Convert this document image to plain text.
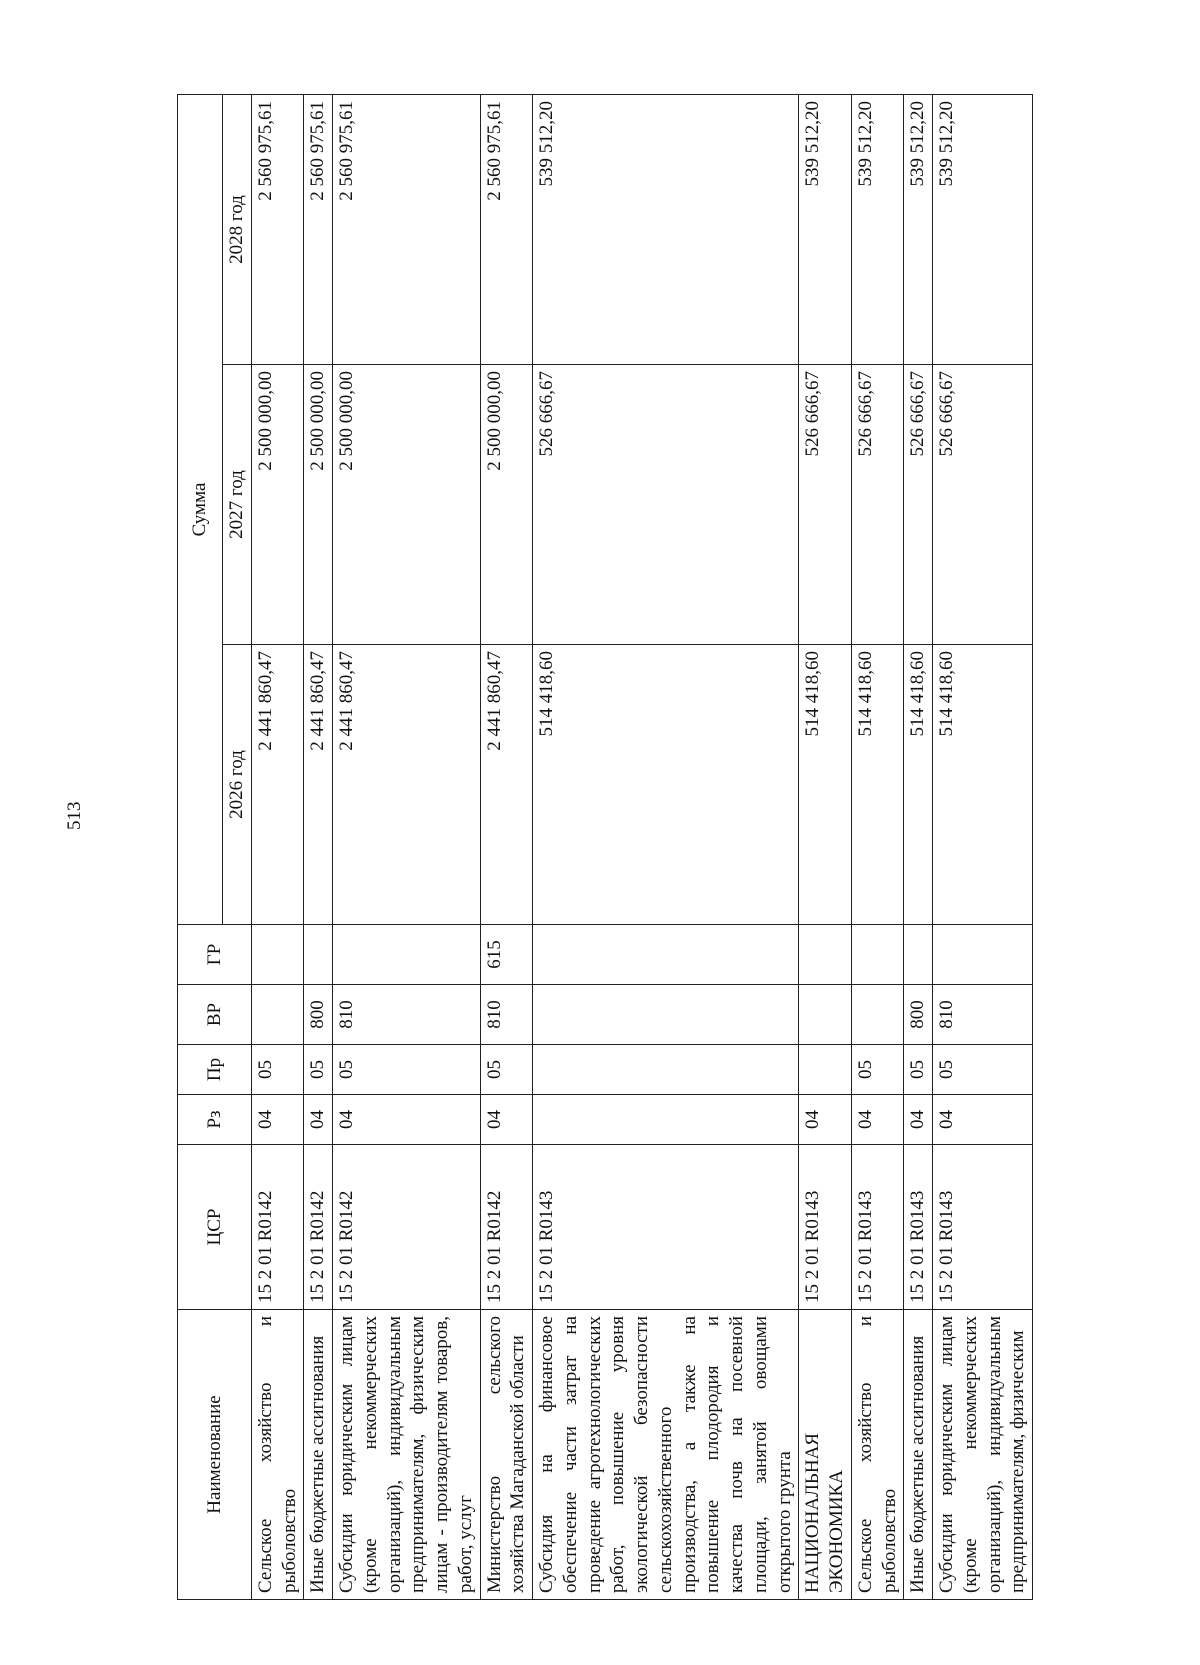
513
Наименование	ЦСР	Рз	Пр	ВР	ГР	Сумма		
						2026 год	2027 год	2028 год
Сельское хозяйство и рыболовство	15 2 01 R0142	04	05			2 441 860,47	2 500 000,00	2 560 975,61
Иные бюджетные ассигнования	15 2 01 R0142	04	05	800		2 441 860,47	2 500 000,00	2 560 975,61
Субсидии юридическим лицам (кроме некоммерческих организаций), индивидуальным предпринимателям, физическим лицам - производителям товаров, работ, услуг	15 2 01 R0142	04	05	810		2 441 860,47	2 500 000,00	2 560 975,61
Министерство сельского хозяйства Магаданской области	15 2 01 R0142	04	05	810	615	2 441 860,47	2 500 000,00	2 560 975,61
Субсидия на финансовое обеспечение части затрат на проведение агротехнологических работ, повышение уровня экологической безопасности сельскохозяйственного производства, а также на повышение плодородия и качества почв на посевной площади, занятой овощами открытого грунта	15 2 01 R0143					514 418,60	526 666,67	539 512,20
НАЦИОНАЛЬНАЯ ЭКОНОМИКА	15 2 01 R0143	04				514 418,60	526 666,67	539 512,20
Сельское хозяйство и рыболовство	15 2 01 R0143	04	05			514 418,60	526 666,67	539 512,20
Иные бюджетные ассигнования	15 2 01 R0143	04	05	800		514 418,60	526 666,67	539 512,20
Субсидии юридическим лицам (кроме некоммерческих организаций), индивидуальным предпринимателям, физическим	15 2 01 R0143	04	05	810		514 418,60	526 666,67	539 512,20
